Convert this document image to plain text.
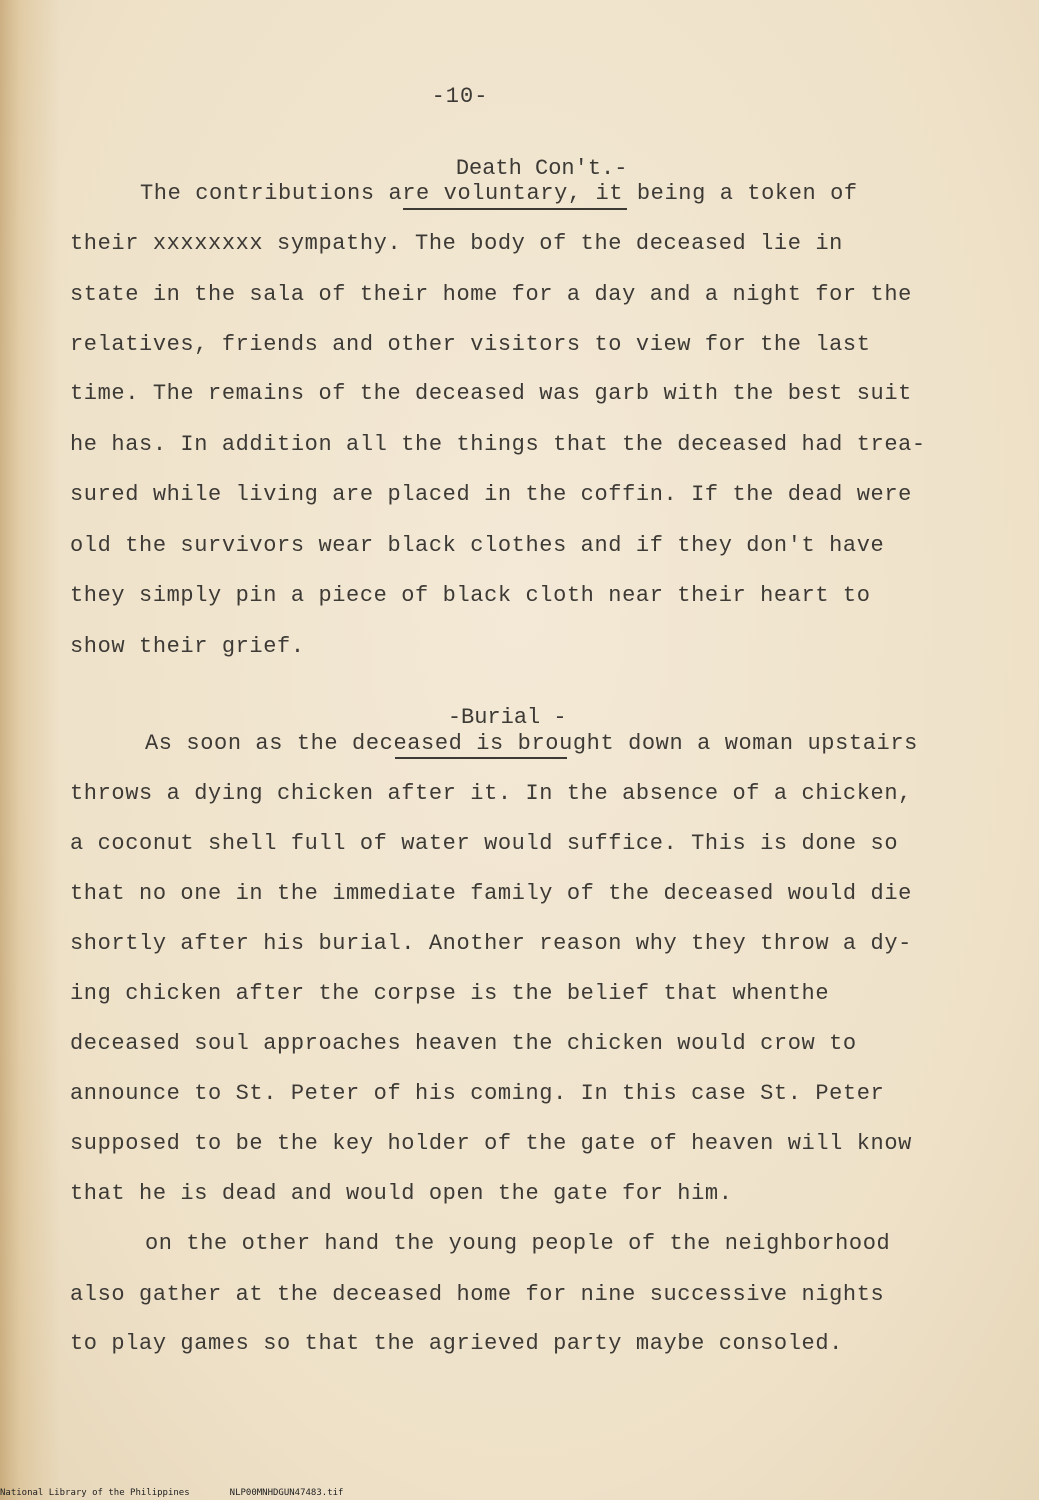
-10-

Death Con't.-

The contributions are voluntary, it being a token of
their xxxxxxxx sympathy. The body of the deceased lie in
state in the sala of their home for a day and a night for the
relatives, friends and other visitors to view for the last
time. The remains of the deceased was garb with the best suit
he has. In addition all the things that the deceased had trea-
sured while living are placed in the coffin. If the dead were
old the survivors wear black clothes and if they don't have
they simply pin a piece of black cloth near their heart to
show their grief.

-Burial -

As soon as the deceased is brought down a woman upstairs
throws a dying chicken after it. In the absence of a chicken,
a coconut shell full of water would suffice. This is done so
that no one in the immediate family of the deceased would die
shortly after his burial. Another reason why they throw a dy-
ing chicken after the corpse is the belief that whenthe
deceased soul approaches heaven the chicken would crow to
announce to St. Peter of his coming. In this case St. Peter
supposed to be the key holder of the gate of heaven will know
that he is dead and would open the gate for him.
on the other hand the young people of the neighborhood
also gather at the deceased home for nine successive nights
to play games so that the agrieved party maybe consoled.
National Library of the Philippines	NLP00MNHDGUN47483.tif
